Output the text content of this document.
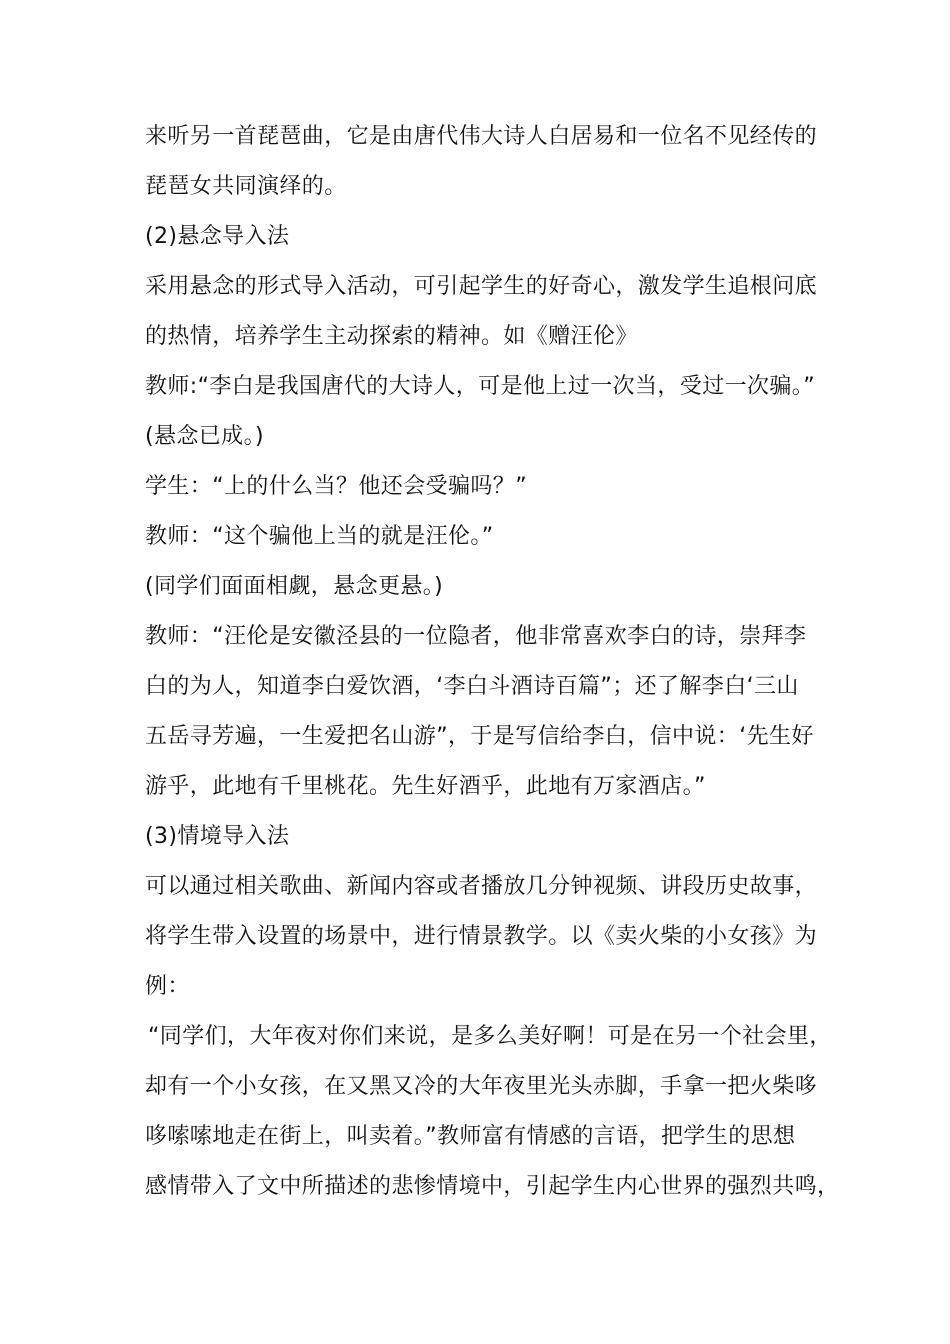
来听另一首琵琶曲，它是由唐代伟大诗人白居易和一位名不见经传的
琵琶女共同演绎的。
(2)悬念导入法
采用悬念的形式导入活动，可引起学生的好奇心，激发学生追根问底
的热情，培养学生主动探索的精神。如《赠汪伦》
教师:“李白是我国唐代的大诗人，可是他上过一次当，受过一次骗。”
(悬念已成。)
学生：“上的什么当？他还会受骗吗？”
教师：“这个骗他上当的就是汪伦。”
(同学们面面相觑，悬念更悬。)
教师：“汪伦是安徽泾县的一位隐者，他非常喜欢李白的诗，崇拜李
白的为人，知道李白爱饮酒，‘李白斗酒诗百篇”；还了解李白‘三山
五岳寻芳遍，一生爱把名山游”，于是写信给李白，信中说：‘先生好
游乎，此地有千里桃花。先生好酒乎，此地有万家酒店。”
(3)情境导入法
可以通过相关歌曲、新闻内容或者播放几分钟视频、讲段历史故事，
将学生带入设置的场景中，进行情景教学。以《卖火柴的小女孩》为
例：
“同学们，大年夜对你们来说，是多么美好啊！可是在另一个社会里，
却有一个小女孩，在又黑又冷的大年夜里光头赤脚，手拿一把火柴哆
哆嗦嗦地走在街上，叫卖着。”教师富有情感的言语，把学生的思想
感情带入了文中所描述的悲惨情境中，引起学生内心世界的强烈共鸣，
